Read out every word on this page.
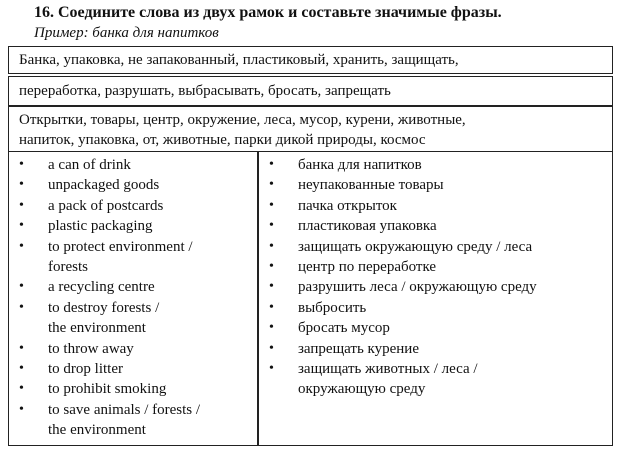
16. Соедините слова из двух рамок и составьте значимые фразы.
Пример: банка для напитков
Банка, упаковка, не запакованный, пластиковый, хранить, защищать,
переработка, разрушать, выбрасывать, бросать, запрещать
Открытки, товары, центр, окружение, леса, мусор, курени, животные,
напиток, упаковка, от, животные, парки дикой природы, космос
• a can of drink
• unpackaged goods
• a pack of postcards
• plastic packaging
• to protect environment /
forests
• a recycling centre
• to destroy forests /
the environment
• to throw away
• to drop litter
• to prohibit smoking
• to save animals / forests /
the environment
• банка для напитков
• неупакованные товары
• пачка открыток
• пластиковая упаковка
• защищать окружающую среду / леса
• центр по переработке
• разрушить леса / окружающую среду
• выбросить
• бросать мусор
• запрещать курение
• защищать животных / леса /
окружающую среду
